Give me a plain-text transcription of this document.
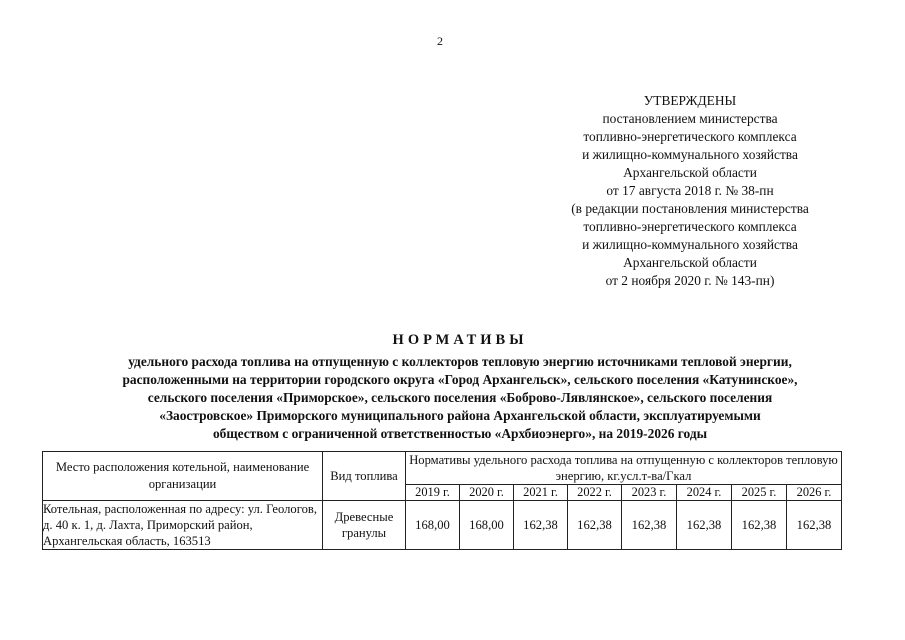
2
УТВЕРЖДЕНЫ
постановлением министерства
топливно-энергетического комплекса
и жилищно-коммунального хозяйства
Архангельской области
от 17 августа 2018 г. № 38-пн
(в редакции постановления министерства
топливно-энергетического комплекса
и жилищно-коммунального хозяйства
Архангельской области
от 2 ноября 2020 г. № 143-пн)
НОРМАТИВЫ
удельного расхода топлива на отпущенную с коллекторов тепловую энергию источниками тепловой энергии,
расположенными на территории городского округа «Город Архангельск», сельского поселения «Катунинское»,
сельского поселения «Приморское», сельского поселения «Боброво-Лявлянское», сельского поселения
«Заостровское» Приморского муниципального района Архангельской области, эксплуатируемыми
обществом с ограниченной ответственностью «Архбиоэнерго», на 2019-2026 годы
Место расположения котельной, наименование организации	Вид топлива	Нормативы удельного расхода топлива на отпущенную с коллекторов тепловую энергию, кг.усл.т-ва/Гкал							
		2019 г.	2020 г.	2021 г.	2022 г.	2023 г.	2024 г.	2025 г.	2026 г.
Котельная, расположенная по адресу: ул. Геологов, д. 40 к. 1, д. Лахта, Приморский район, Архангельская область, 163513	Древесные гранулы	168,00	168,00	162,38	162,38	162,38	162,38	162,38	162,38
